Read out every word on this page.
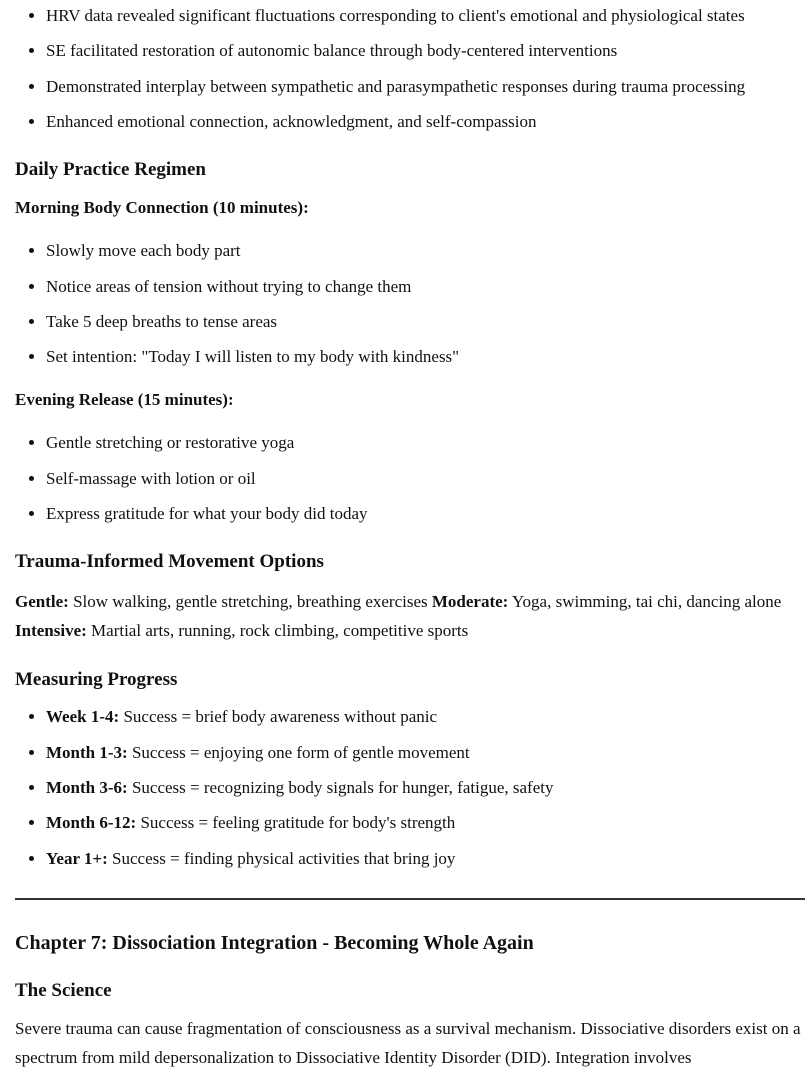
• HRV data revealed significant fluctuations corresponding to client's emotional and physiological states
• SE facilitated restoration of autonomic balance through body-centered interventions
• Demonstrated interplay between sympathetic and parasympathetic responses during trauma processing
• Enhanced emotional connection, acknowledgment, and self-compassion
Daily Practice Regimen

Morning Body Connection (10 minutes):

• Slowly move each body part
• Notice areas of tension without trying to change them
• Take 5 deep breaths to tense areas
• Set intention: "Today I will listen to my body with kindness"

Evening Release (15 minutes):

• Gentle stretching or restorative yoga
• Self-massage with lotion or oil
• Express gratitude for what your body did today
Trauma-Informed Movement Options

Gentle: Slow walking, gentle stretching, breathing exercises Moderate: Yoga, swimming, tai chi, dancing alone Intensive: Martial arts, running, rock climbing, competitive sports

Measuring Progress
• Week 1-4: Success = brief body awareness without panic
• Month 1-3: Success = enjoying one form of gentle movement
• Month 3-6: Success = recognizing body signals for hunger, fatigue, safety
• Month 6-12: Success = feeling gratitude for body's strength
• Year 1+: Success = finding physical activities that bring joy
Chapter 7: Dissociation Integration - Becoming Whole Again
The Science

Severe trauma can cause fragmentation of consciousness as a survival mechanism. Dissociative disorders exist on a spectrum from mild depersonalization to Dissociative Identity Disorder (DID). Integration involves
